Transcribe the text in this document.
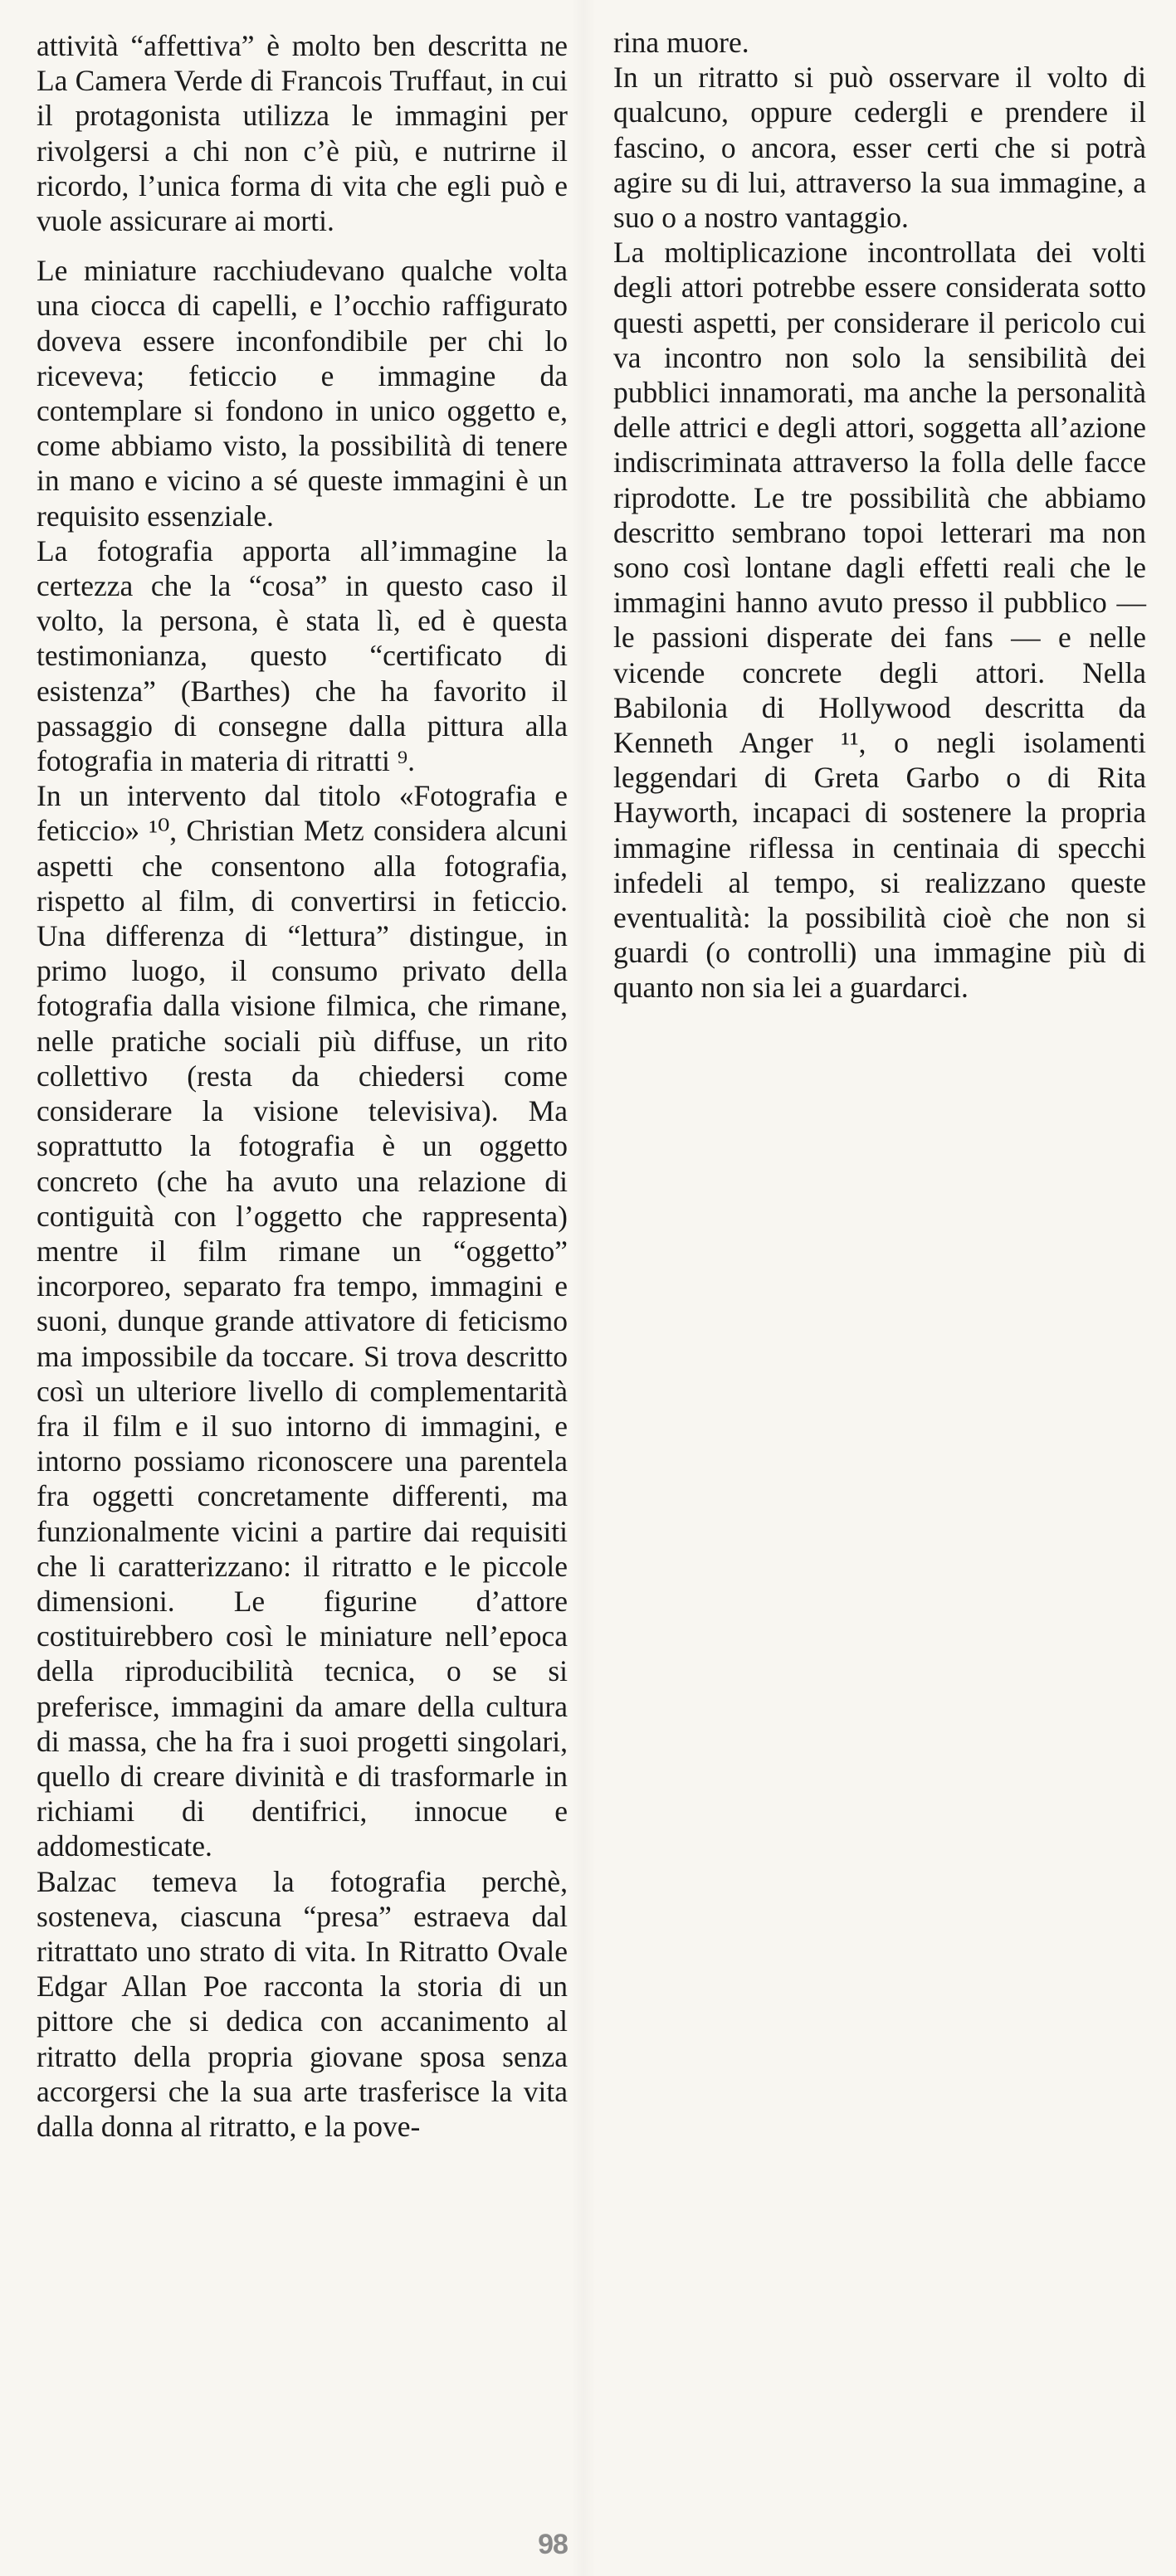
attività “affettiva” è molto ben descritta ne La Camera Verde di Francois Truffaut, in cui il protagonista utilizza le immagini per rivolgersi a chi non c’è più, e nutrirne il ricordo, l’unica forma di vita che egli può e vuole assicurare ai morti.

Le miniature racchiudevano qualche volta una ciocca di capelli, e l’occhio raffigurato doveva essere inconfondibile per chi lo riceveva; feticcio e immagine da contemplare si fondono in unico oggetto e, come abbiamo visto, la possibilità di tenere in mano e vicino a sé queste immagini è un requisito essenziale.

La fotografia apporta all’immagine la certezza che la “cosa” in questo caso il volto, la persona, è stata lì, ed è questa testimonianza, questo “certificato di esistenza” (Barthes) che ha favorito il passaggio di consegne dalla pittura alla fotografia in materia di ritratti ⁹.

In un intervento dal titolo «Fotografia e feticcio» ¹⁰, Christian Metz considera alcuni aspetti che consentono alla fotografia, rispetto al film, di convertirsi in feticcio. Una differenza di “lettura” distingue, in primo luogo, il consumo privato della fotografia dalla visione filmica, che rimane, nelle pratiche sociali più diffuse, un rito collettivo (resta da chiedersi come considerare la visione televisiva). Ma soprattutto la fotografia è un oggetto concreto (che ha avuto una relazione di contiguità con l’oggetto che rappresenta) mentre il film rimane un “oggetto” incorporeo, separato fra tempo, immagini e suoni, dunque grande attivatore di feticismo ma impossibile da toccare. Si trova descritto così un ulteriore livello di complementarità fra il film e il suo intorno di immagini, e intorno possiamo riconoscere una parentela fra oggetti concretamente differenti, ma funzionalmente vicini a partire dai requisiti che li caratterizzano: il ritratto e le piccole dimensioni. Le figurine d’attore costituirebbero così le miniature nell’epoca della riproducibilità tecnica, o se si preferisce, immagini da amare della cultura di massa, che ha fra i suoi progetti singolari, quello di creare divinità e di trasformarle in richiami di dentifrici, innocue e addomesticate.

Balzac temeva la fotografia perchè, sosteneva, ciascuna “presa” estraeva dal ritrattato uno strato di vita. In Ritratto Ovale Edgar Allan Poe racconta la storia di un pittore che si dedica con accanimento al ritratto della propria giovane sposa senza accorgersi che la sua arte trasferisce la vita dalla donna al ritratto, e la pove-

rina muore.

In un ritratto si può osservare il volto di qualcuno, oppure cedergli e prendere il fascino, o ancora, esser certi che si potrà agire su di lui, attraverso la sua immagine, a suo o a nostro vantaggio.

La moltiplicazione incontrollata dei volti degli attori potrebbe essere considerata sotto questi aspetti, per considerare il pericolo cui va incontro non solo la sensibilità dei pubblici innamorati, ma anche la personalità delle attrici e degli attori, soggetta all’azione indiscriminata attraverso la folla delle facce riprodotte. Le tre possibilità che abbiamo descritto sembrano topoi letterari ma non sono così lontane dagli effetti reali che le immagini hanno avuto presso il pubblico — le passioni disperate dei fans — e nelle vicende concrete degli attori. Nella Babilonia di Hollywood descritta da Kenneth Anger ¹¹, o negli isolamenti leggendari di Greta Garbo o di Rita Hayworth, incapaci di sostenere la propria immagine riflessa in centinaia di specchi infedeli al tempo, si realizzano queste eventualità: la possibilità cioè che non si guardi (o controlli) una immagine più di quanto non sia lei a guardarci.

98
